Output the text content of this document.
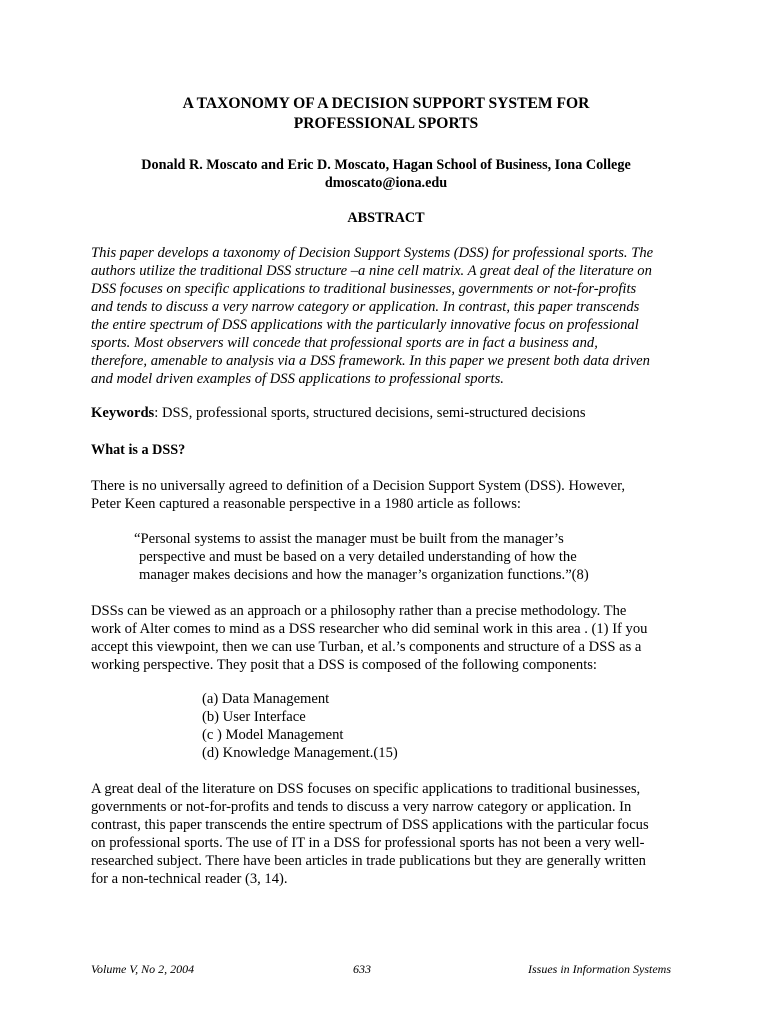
A TAXONOMY OF A DECISION SUPPORT SYSTEM FOR
PROFESSIONAL SPORTS
Donald R. Moscato and Eric D. Moscato, Hagan School of Business, Iona College
dmoscato@iona.edu
ABSTRACT

This paper develops a taxonomy of Decision Support Systems (DSS) for professional sports. The
authors utilize the traditional DSS structure –a nine cell matrix. A great deal of the literature on
DSS focuses on specific applications to traditional businesses, governments or not-for-profits
and tends to discuss a very narrow category or application. In contrast, this paper transcends
the entire spectrum of DSS applications with the particularly innovative focus on professional
sports. Most observers will concede that professional sports are in fact a business and,
therefore, amenable to analysis via a DSS framework. In this paper we present both data driven
and model driven examples of DSS applications to professional sports.

Keywords: DSS, professional sports, structured decisions, semi-structured decisions

What is a DSS?

There is no universally agreed to definition of a Decision Support System (DSS). However,
Peter Keen captured a reasonable perspective in a 1980 article as follows:

“Personal systems to assist the manager must be built from the manager’s
perspective and must be based on a very detailed understanding of how the
manager makes decisions and how the manager’s organization functions.”(8)

DSSs can be viewed as an approach or a philosophy rather than a precise methodology. The
work of Alter comes to mind as a DSS researcher who did seminal work in this area . (1) If you
accept this viewpoint, then we can use Turban, et al.’s components and structure of a DSS as a
working perspective. They posit that a DSS is composed of the following components:

(a) Data Management
(b) User Interface
(c ) Model Management
(d) Knowledge Management.(15)

A great deal of the literature on DSS focuses on specific applications to traditional businesses,
governments or not-for-profits and tends to discuss a very narrow category or application. In
contrast, this paper transcends the entire spectrum of DSS applications with the particular focus
on professional sports. The use of IT in a DSS for professional sports has not been a very well-
researched subject. There have been articles in trade publications but they are generally written
for a non-technical reader (3, 14).

Volume V, No 2, 2004	633	Issues in Information Systems
